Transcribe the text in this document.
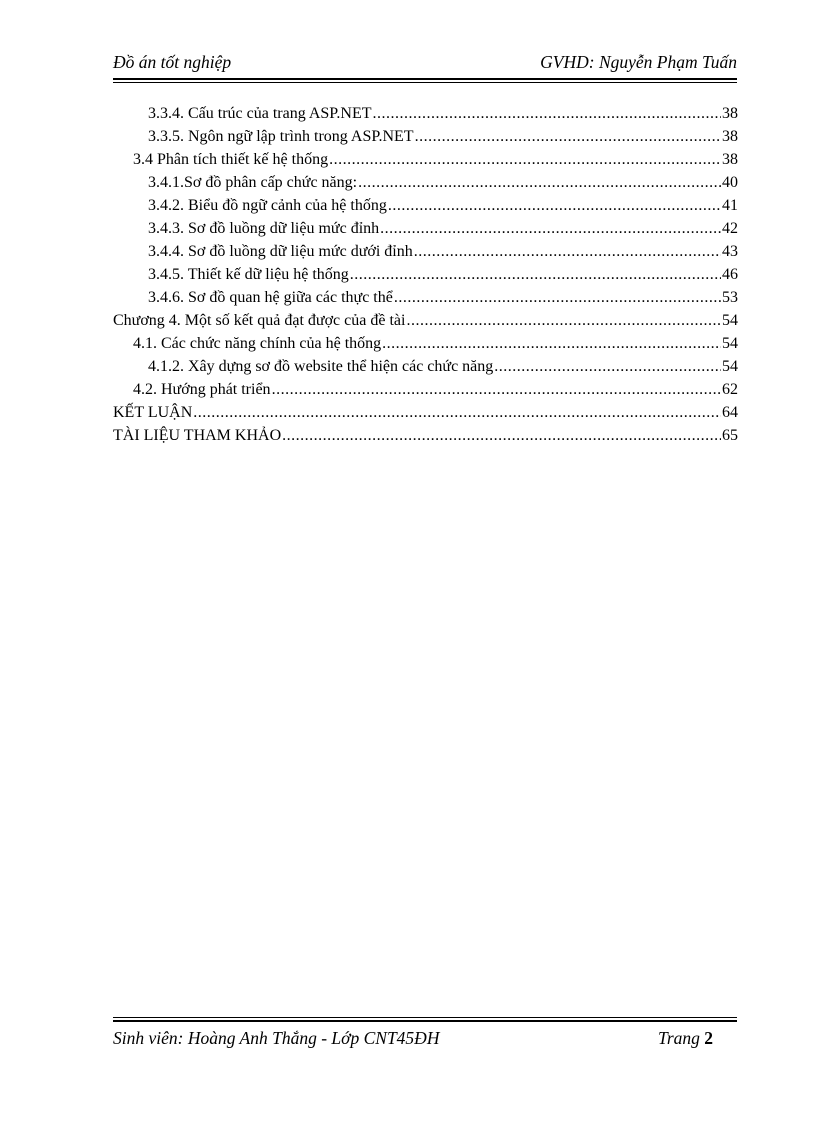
Đồ án tốt nghiệp	GVHD: Nguyễn Phạm Tuấn
3.3.4. Cấu trúc của trang ASP.NET .....	38
3.3.5. Ngôn ngữ lập trình trong ASP.NET .....	38
3.4 Phân tích thiết kế hệ thống .....	38
3.4.1.Sơ đồ phân cấp chức năng: .....	40
3.4.2. Biểu đồ ngữ cảnh của hệ thống .....	41
3.4.3. Sơ đồ luồng dữ liệu mức đỉnh .....	42
3.4.4. Sơ đồ luồng dữ liệu mức dưới đỉnh .....	43
3.4.5. Thiết kế dữ liệu hệ thống .....	46
3.4.6. Sơ đồ quan hệ giữa các thực thể .....	53
Chương 4. Một số kết quả đạt được của đề tài .....	54
4.1. Các chức năng chính của hệ thống .....	54
4.1.2. Xây dựng sơ đồ website thể hiện các chức năng .....	54
4.2. Hướng phát triển .....	62
KẾT LUẬN .....	64
TÀI LIỆU THAM KHẢO .....	65
Sinh viên: Hoàng Anh Thắng - Lớp CNT45ĐH	Trang 2
